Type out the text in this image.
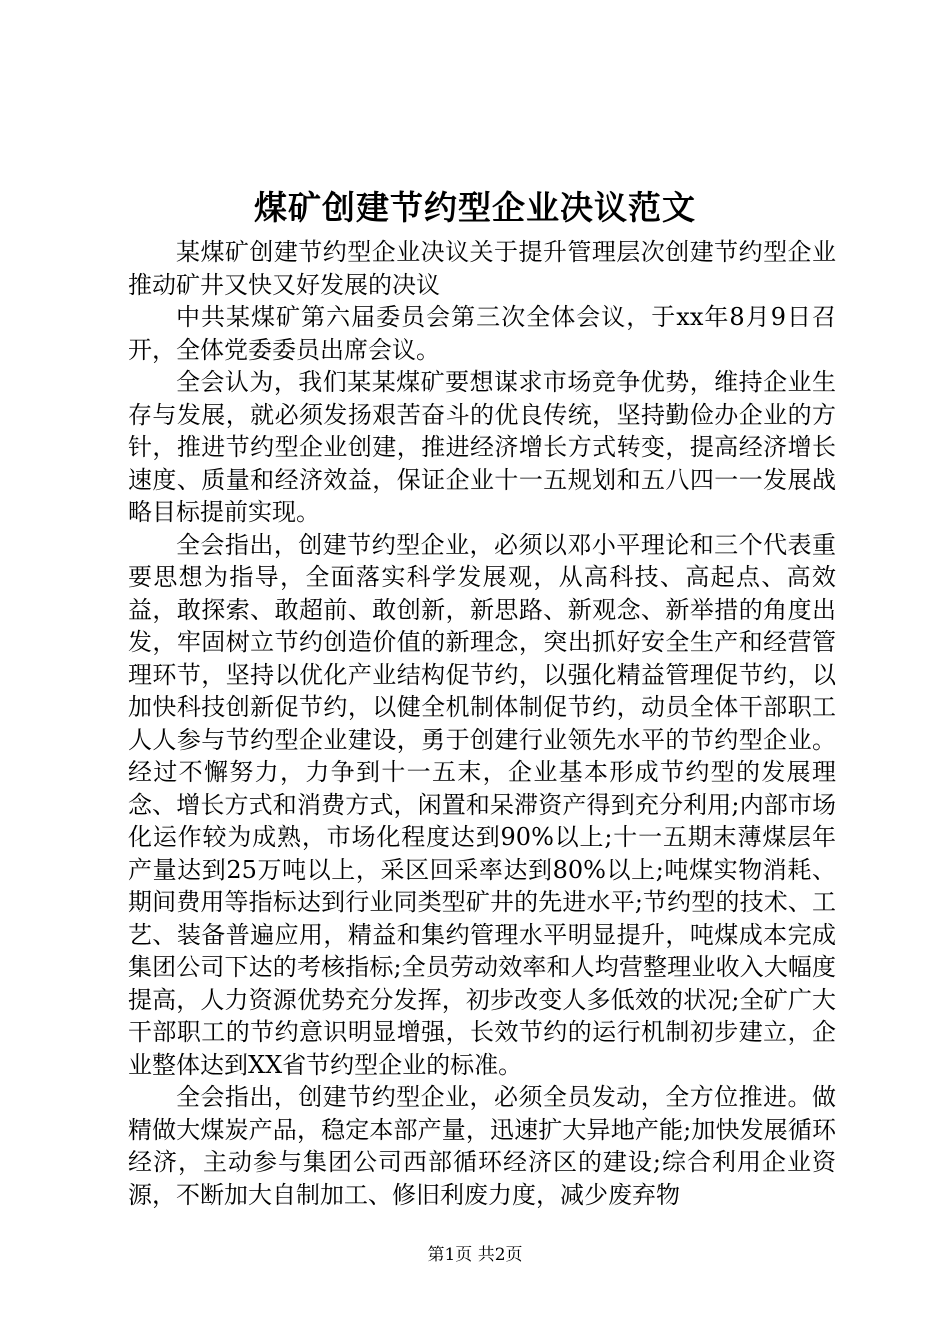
煤矿创建节约型企业决议范文

某煤矿创建节约型企业决议关于提升管理层次创建节约型企业推动矿井又快又好发展的决议

中共某煤矿第六届委员会第三次全体会议，于xx年8月9日召开，全体党委委员出席会议。

全会认为，我们某某煤矿要想谋求市场竞争优势，维持企业生存与发展，就必须发扬艰苦奋斗的优良传统，坚持勤俭办企业的方针，推进节约型企业创建，推进经济增长方式转变，提高经济增长速度、质量和经济效益，保证企业十一五规划和五八四一一发展战略目标提前实现。

全会指出，创建节约型企业，必须以邓小平理论和三个代表重要思想为指导，全面落实科学发展观，从高科技、高起点、高效益，敢探索、敢超前、敢创新，新思路、新观念、新举措的角度出发，牢固树立节约创造价值的新理念，突出抓好安全生产和经营管理环节，坚持以优化产业结构促节约，以强化精益管理促节约，以加快科技创新促节约，以健全机制体制促节约，动员全体干部职工人人参与节约型企业建设，勇于创建行业领先水平的节约型企业。经过不懈努力，力争到十一五末，企业基本形成节约型的发展理念、增长方式和消费方式，闲置和呆滞资产得到充分利用;内部市场化运作较为成熟，市场化程度达到90%以上;十一五期末薄煤层年产量达到25万吨以上，采区回采率达到80%以上;吨煤实物消耗、期间费用等指标达到行业同类型矿井的先进水平;节约型的技术、工艺、装备普遍应用，精益和集约管理水平明显提升，吨煤成本完成集团公司下达的考核指标;全员劳动效率和人均营整理业收入大幅度提高，人力资源优势充分发挥，初步改变人多低效的状况;全矿广大干部职工的节约意识明显增强，长效节约的运行机制初步建立，企业整体达到XX省节约型企业的标准。

全会指出，创建节约型企业，必须全员发动，全方位推进。做精做大煤炭产品，稳定本部产量，迅速扩大异地产能;加快发展循环经济，主动参与集团公司西部循环经济区的建设;综合利用企业资源，不断加大自制加工、修旧利废力度，减少废弃物

第1页 共2页
